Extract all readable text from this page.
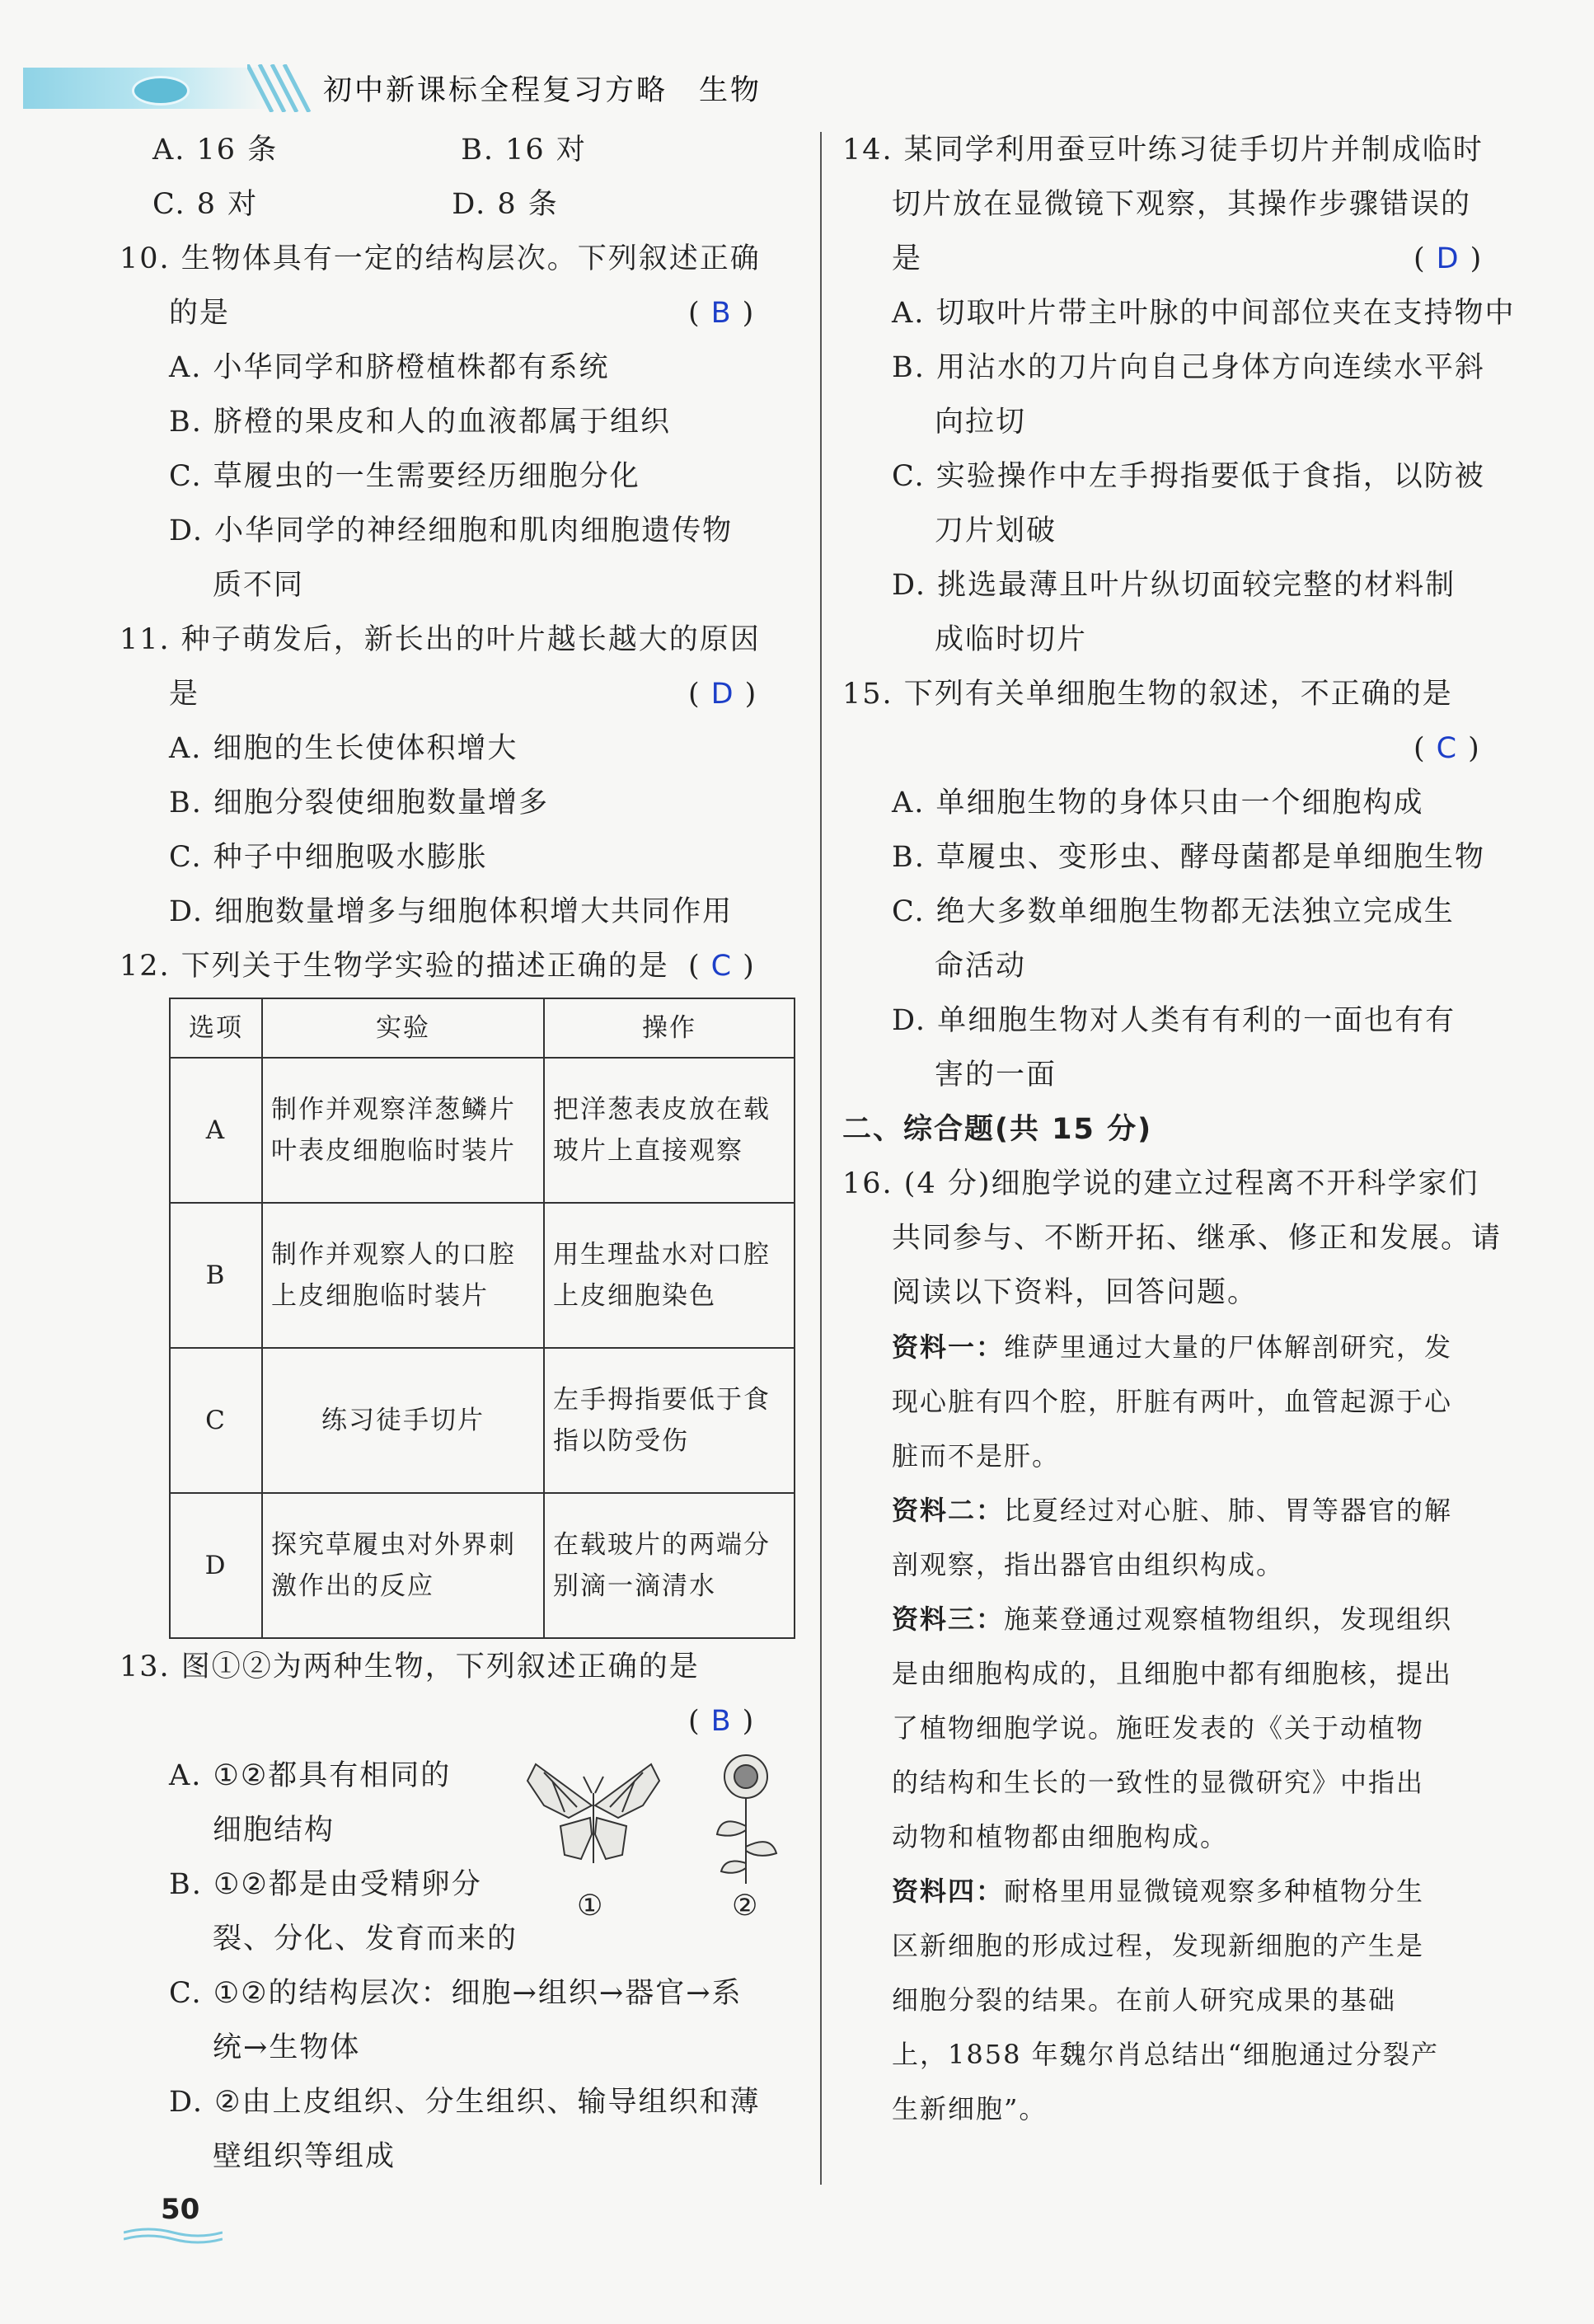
初中新课标全程复习方略　生物
A. 16 条　　　　　　B. 16 对
C. 8 对　　　　　　 D. 8 条
10. 生物体具有一定的结构层次。下列叙述正确
的是	( B )
A. 小华同学和脐橙植株都有系统
B. 脐橙的果皮和人的血液都属于组织
C. 草履虫的一生需要经历细胞分化
D. 小华同学的神经细胞和肌肉细胞遗传物
质不同
11. 种子萌发后，新长出的叶片越长越大的原因
是	( D )
A. 细胞的生长使体积增大
B. 细胞分裂使细胞数量增多
C. 种子中细胞吸水膨胀
D. 细胞数量增多与细胞体积增大共同作用
12. 下列关于生物学实验的描述正确的是 ( C )
选项	实验	操作
A	制作并观察洋葱鳞片叶表皮细胞临时装片	把洋葱表皮放在载玻片上直接观察
B	制作并观察人的口腔上皮细胞临时装片	用生理盐水对口腔上皮细胞染色
C	练习徒手切片	左手拇指要低于食指以防受伤
D	探究草履虫对外界刺激作出的反应	在载玻片的两端分别滴一滴清水
13. 图①②为两种生物，下列叙述正确的是
( B )
A. ①②都具有相同的
细胞结构
B. ①②都是由受精卵分
裂、分化、发育而来的
C. ①②的结构层次：细胞→组织→器官→系
统→生物体
D. ②由上皮组织、分生组织、输导组织和薄
壁组织等组成
①	②
14. 某同学利用蚕豆叶练习徒手切片并制成临时
切片放在显微镜下观察，其操作步骤错误的
是	( D )
A. 切取叶片带主叶脉的中间部位夹在支持物中
B. 用沾水的刀片向自己身体方向连续水平斜
向拉切
C. 实验操作中左手拇指要低于食指，以防被
刀片划破
D. 挑选最薄且叶片纵切面较完整的材料制
成临时切片
15. 下列有关单细胞生物的叙述，不正确的是
( C )
A. 单细胞生物的身体只由一个细胞构成
B. 草履虫、变形虫、酵母菌都是单细胞生物
C. 绝大多数单细胞生物都无法独立完成生
命活动
D. 单细胞生物对人类有有利的一面也有有
害的一面
二、综合题(共 15 分)
16. (4 分)细胞学说的建立过程离不开科学家们
共同参与、不断开拓、继承、修正和发展。请
阅读以下资料，回答问题。
资料一：维萨里通过大量的尸体解剖研究，发
现心脏有四个腔，肝脏有两叶，血管起源于心
脏而不是肝。
资料二：比夏经过对心脏、肺、胃等器官的解
剖观察，指出器官由组织构成。
资料三：施莱登通过观察植物组织，发现组织
是由细胞构成的，且细胞中都有细胞核，提出
了植物细胞学说。施旺发表的《关于动植物
的结构和生长的一致性的显微研究》中指出
动物和植物都由细胞构成。
资料四：耐格里用显微镜观察多种植物分生
区新细胞的形成过程，发现新细胞的产生是
细胞分裂的结果。在前人研究成果的基础
上，1858 年魏尔肖总结出“细胞通过分裂产
生新细胞”。
50
